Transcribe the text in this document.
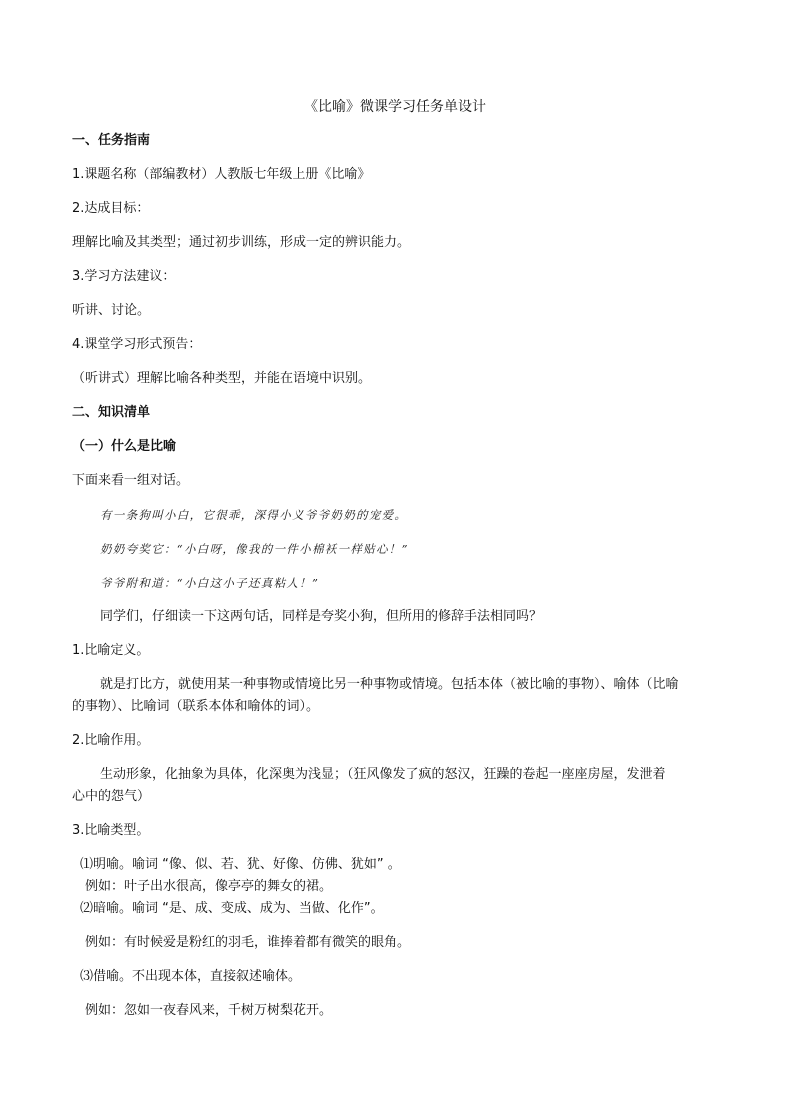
《比喻》微课学习任务单设计
一、任务指南
1.课题名称（部编教材）人教版七年级上册《比喻》
2.达成目标：
理解比喻及其类型；通过初步训练，形成一定的辨识能力。
3.学习方法建议：
听讲、讨论。
4.课堂学习形式预告：
（听讲式）理解比喻各种类型，并能在语境中识别。
二、知识清单
（一）什么是比喻
下面来看一组对话。
有一条狗叫小白，它很乖，深得小义爷爷奶奶的宠爱。
奶奶夸奖它：“小白呀，像我的一件小棉袄一样贴心！”
爷爷附和道：“小白这小子还真粘人！”
同学们，仔细读一下这两句话，同样是夸奖小狗，但所用的修辞手法相同吗？
1.比喻定义。
就是打比方，就使用某一种事物或情境比另一种事物或情境。包括本体（被比喻的事物）、喻体（比喻
的事物）、比喻词（联系本体和喻体的词）。
2.比喻作用。
生动形象，化抽象为具体，化深奥为浅显；（狂风像发了疯的怒汉，狂躁的卷起一座座房屋，发泄着
心中的怨气）
3.比喻类型。
⑴明喻。喻词 “像、似、若、犹、好像、仿佛、犹如” 。
例如：叶子出水很高，像亭亭的舞女的裙。
⑵暗喻。喻词 “是、成、变成、成为、当做、化作”。
例如：有时候爱是粉红的羽毛，谁捧着都有微笑的眼角。
⑶借喻。不出现本体，直接叙述喻体。
例如：忽如一夜春风来，千树万树梨花开。
